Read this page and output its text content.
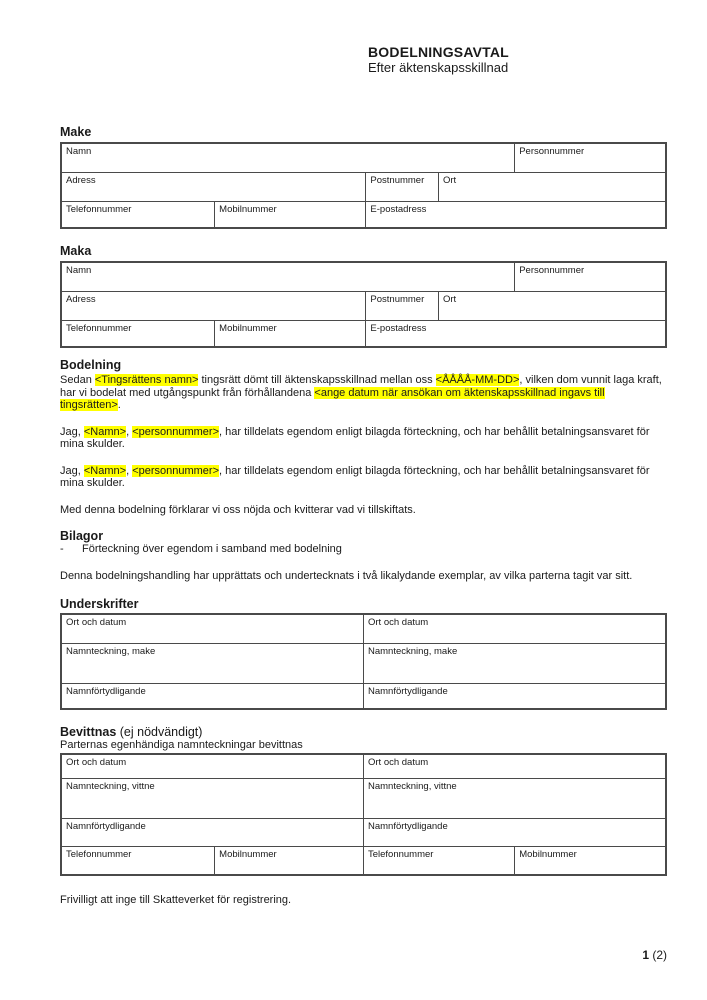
BODELNINGSAVTAL
Efter äktenskapsskillnad
Make
Namn				Personnummer
Adress		Postnummer	Ort	
Telefonnummer	Mobilnummer	E-postadress		
Maka
Namn				Personnummer
Adress		Postnummer	Ort	
Telefonnummer	Mobilnummer	E-postadress		
Bodelning

Sedan <Tingsrättens namn> tingsrätt dömt till äktenskapsskillnad mellan oss <ÅÅÅÅ-MM-DD>, vilken dom vunnit laga kraft, har vi bodelat med utgångspunkt från förhållandena <ange datum när ansökan om äktenskapsskillnad ingavs till tingsrätten>.

Jag, <Namn>, <personnummer>, har tilldelats egendom enligt bilagda förteckning, och har behållit betalningsansvaret för mina skulder.

Jag, <Namn>, <personnummer>, har tilldelats egendom enligt bilagda förteckning, och har behållit betalningsansvaret för mina skulder.

Med denna bodelning förklarar vi oss nöjda och kvitterar vad vi tillskiftats.

Bilagor
-	Förteckning över egendom i samband med bodelning

Denna bodelningshandling har upprättats och undertecknats i två likalydande exemplar, av vilka parterna tagit var sitt.

Underskrifter
Ort och datum	Ort och datum
Namnteckning, make	Namnteckning, make
Namnförtydligande	Namnförtydligande
Bevittnas (ej nödvändigt)
Parternas egenhändiga namnteckningar bevittnas
Ort och datum		Ort och datum	
Namnteckning, vittne		Namnteckning, vittne	
Namnförtydligande		Namnförtydligande	
Telefonnummer	Mobilnummer	Telefonnummer	Mobilnummer

Frivilligt att inge till Skatteverket för registrering.

1 (2)
